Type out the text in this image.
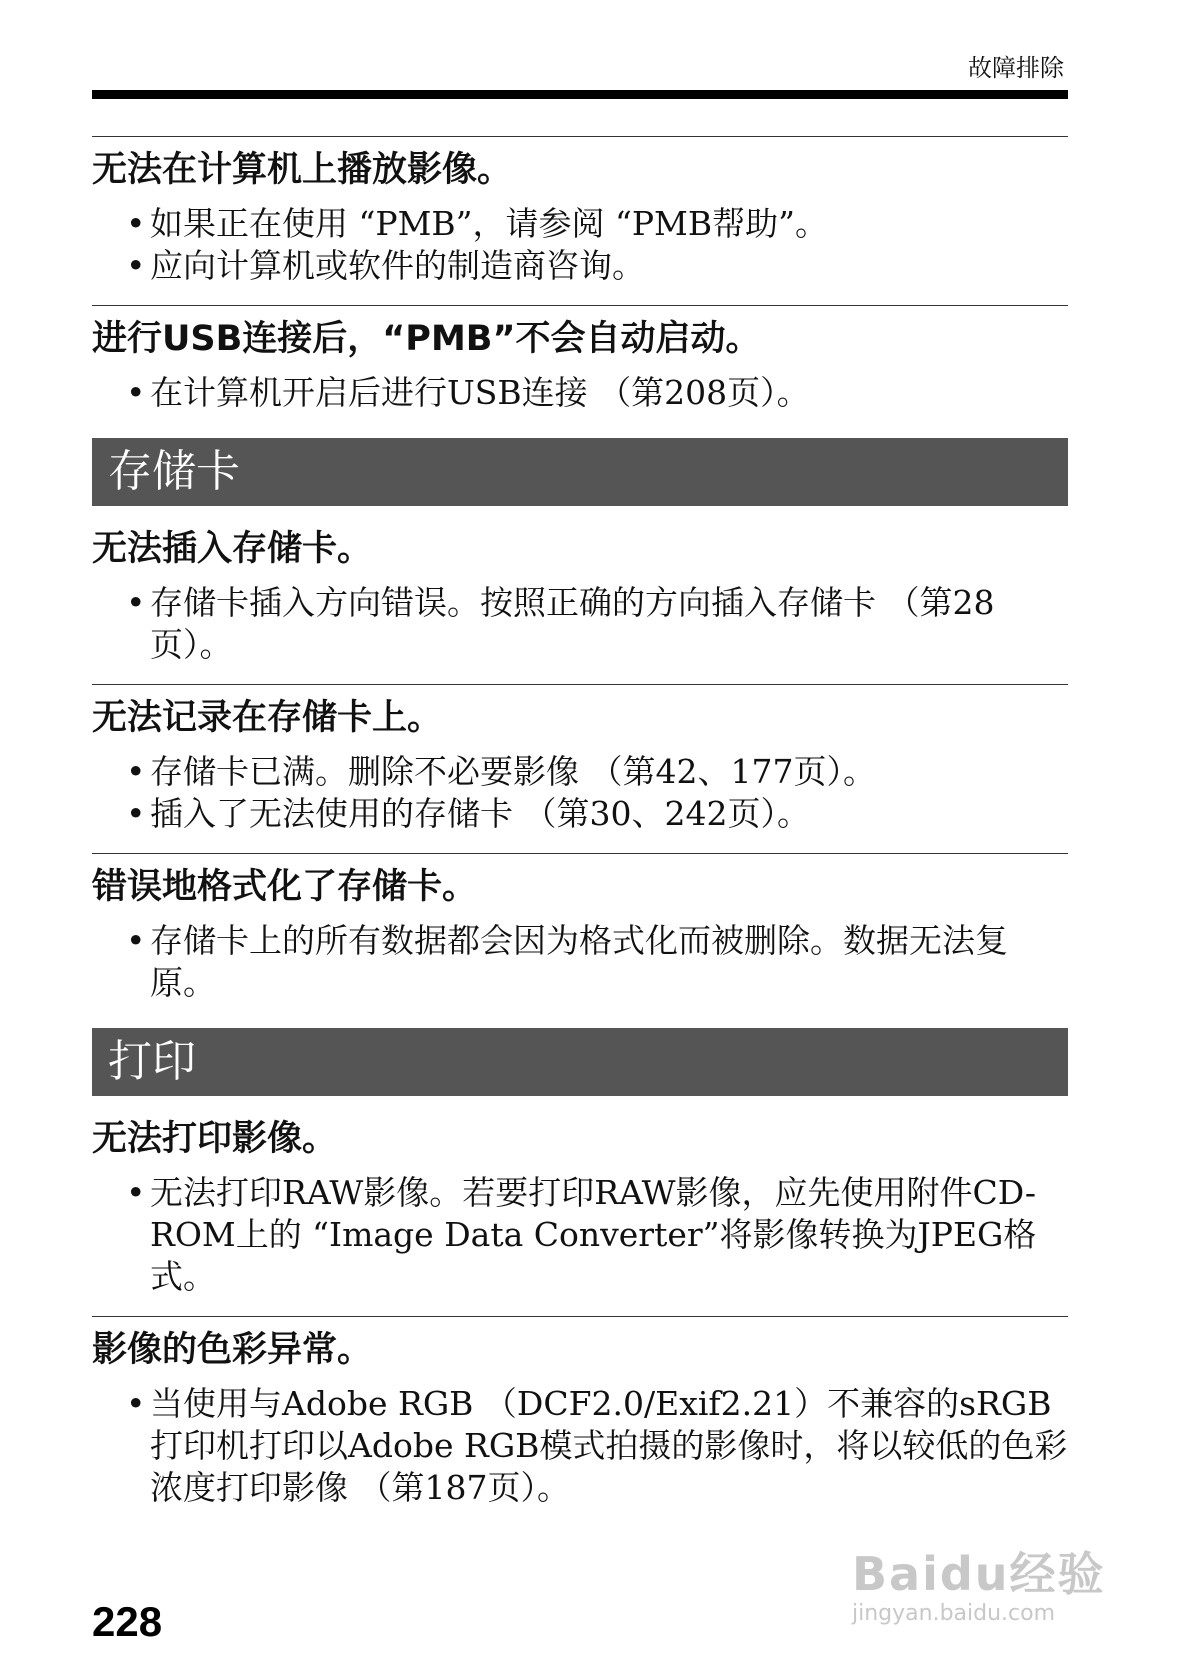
故障排除
无法在计算机上播放影像。
• 如果正在使用 “PMB”，请参阅 “PMB帮助”。
• 应向计算机或软件的制造商咨询。
进行USB连接后，“PMB”不会自动启动。
• 在计算机开启后进行USB连接 （第208页）。
存储卡
无法插入存储卡。
• 存储卡插入方向错误。按照正确的方向插入存储卡 （第28页）。
无法记录在存储卡上。
• 存储卡已满。删除不必要影像 （第42、177页）。
• 插入了无法使用的存储卡 （第30、242页）。
错误地格式化了存储卡。
• 存储卡上的所有数据都会因为格式化而被删除。数据无法复原。
打印
无法打印影像。
• 无法打印RAW影像。若要打印RAW影像，应先使用附件CD-ROM上的 “Image Data Converter”将影像转换为JPEG格式。
影像的色彩异常。
• 当使用与Adobe RGB （DCF2.0/Exif2.21）不兼容的sRGB打印机打印以Adobe RGB模式拍摄的影像时，将以较低的色彩浓度打印影像 （第187页）。
228
Baidu经验
jingyan.baidu.com
